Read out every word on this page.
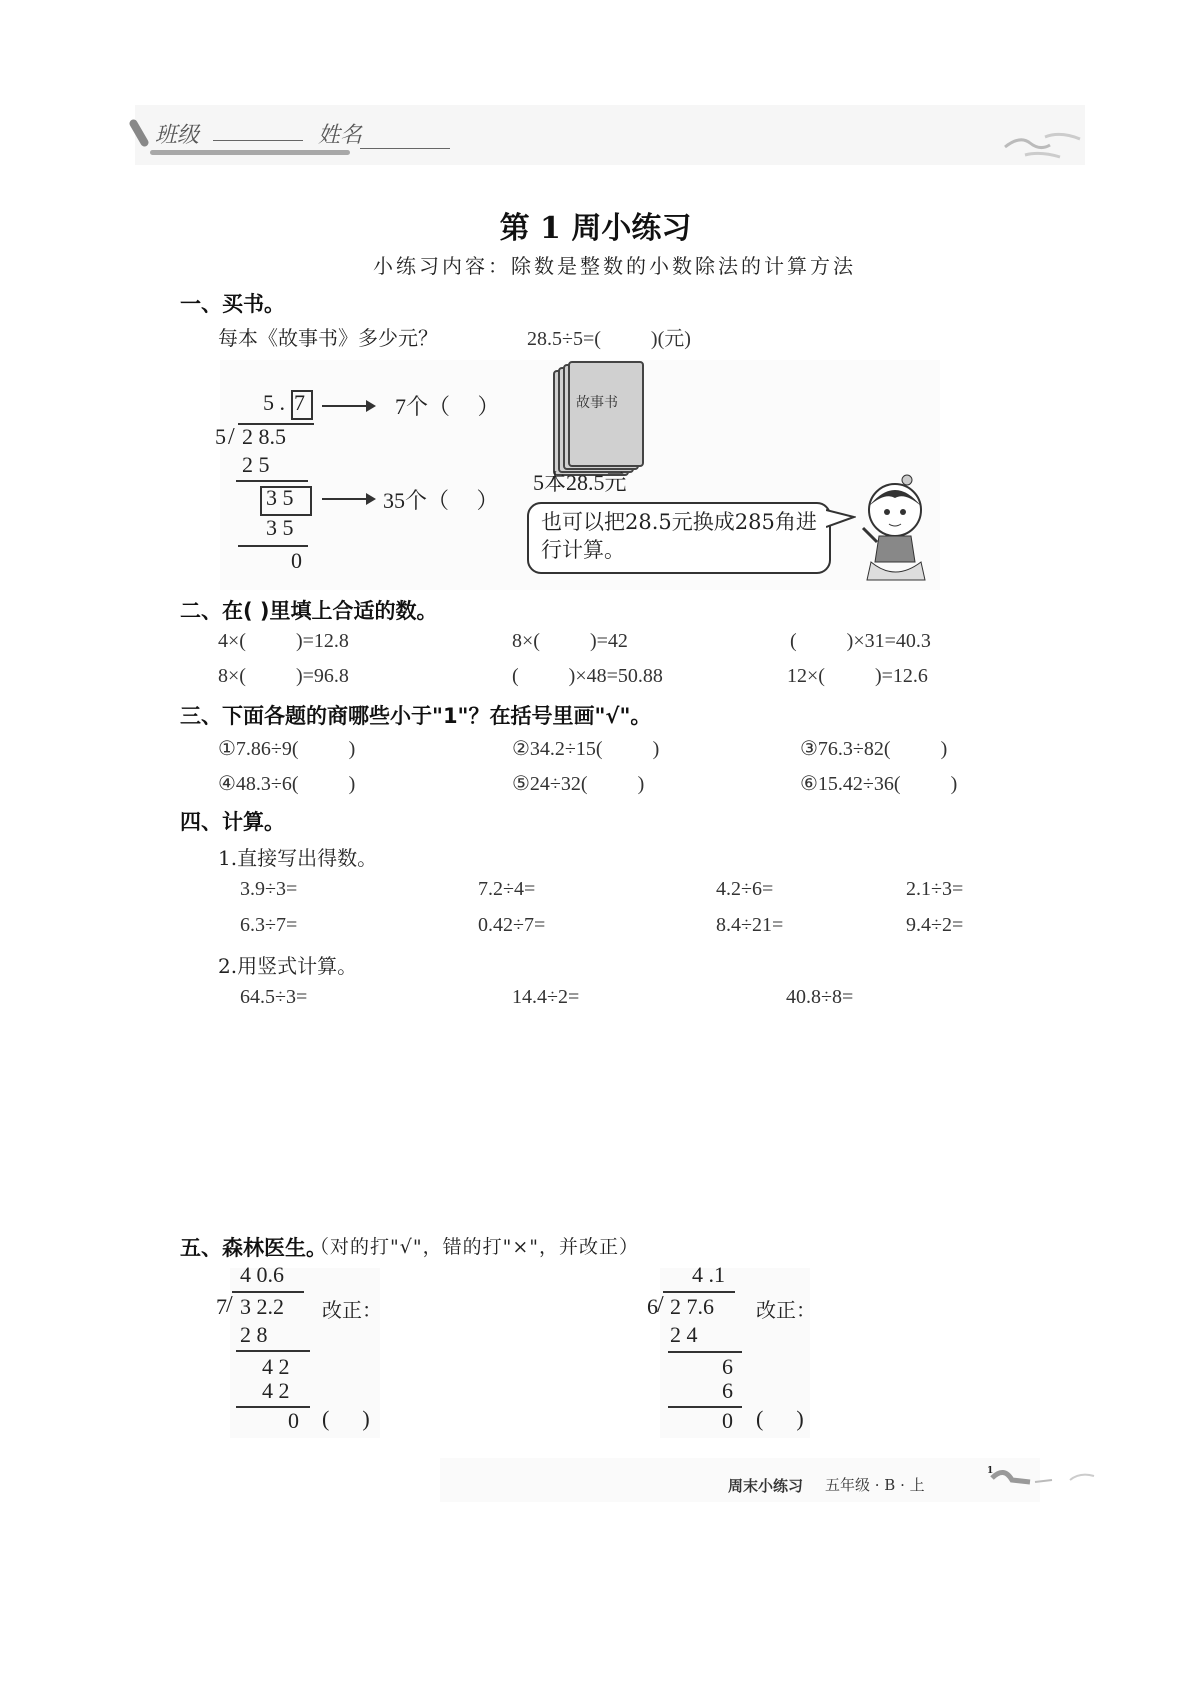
班级	姓名
第 1 周小练习
小练习内容：除数是整数的小数除法的计算方法
一、买书。
每本《故事书》多少元？	28.5÷5=(          )(元)
5 . 7
5 / 2 8.5
2 5
3 5
3 5
0
7个（     ）
35个（     ）
故事书
5本28.5元
也可以把28.5元换成285角进行计算。
二、在( )里填上合适的数。
4×(          )=12.8	8×(          )=42	(          )×31=40.3
8×(          )=96.8	(          )×48=50.88	12×(          )=12.6
三、下面各题的商哪些小于"1"？在括号里画"√"。
①7.86÷9(          )	②34.2÷15(          )	③76.3÷82(          )
④48.3÷6(          )	⑤24÷32(          )	⑥15.42÷36(          )
四、计算。
1.直接写出得数。
3.9÷3=	7.2÷4=	4.2÷6=	2.1÷3=
6.3÷7=	0.42÷7=	8.4÷21=	9.4÷2=
2.用竖式计算。
64.5÷3=	14.4÷2=	40.8÷8=
五、森林医生。
（对的打"√"，错的打"×"，并改正）
4 0.6
7 / 3 2.2 改正：
2 8
4 2
4 2
0 (      )
4 .1
6 / 2 7.6 改正：
2 4
6
6
0 (      )
周末小练习 五年级 · B · 上
1
